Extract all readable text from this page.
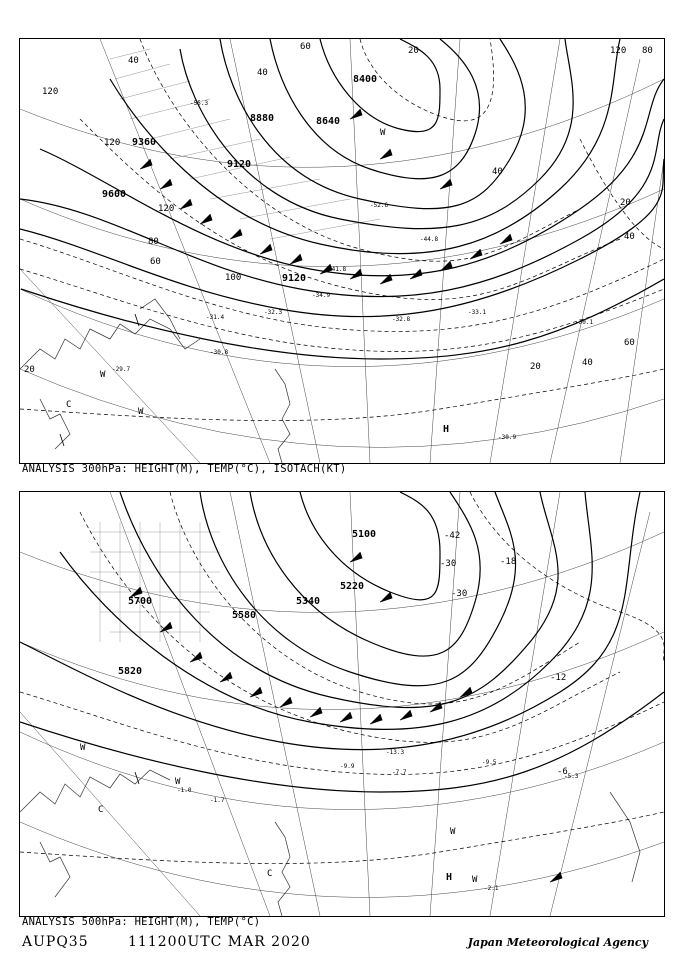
8880
9120
9360
9600
8400
8640
9120
120
120
40
60
40
120
80
60
100
120
20
20
40
20	40
60
20
40
80
-30.1
-30.8
-29.7
-32.3
-34.9
-30.9
-31.4	-32.8
-33.1
-44.8
-52.6
-55.3
-41.8
H
W
W
W
C
ANALYSIS 300hPa: HEIGHT(M), TEMP(°C), ISOTACH(KT)
5100
5220
5340
5580
5700
5820
-42
-30
-18
-12
-30
-6
-13.3
-9.9
-7.7
-9.5
-2.1
-1.7
-5.3
-1.0
H
W
W
W
W
C
C
ANALYSIS 500hPa: HEIGHT(M), TEMP(°C)
AUPQ35	111200UTC MAR 2020	Japan Meteorological Agency
